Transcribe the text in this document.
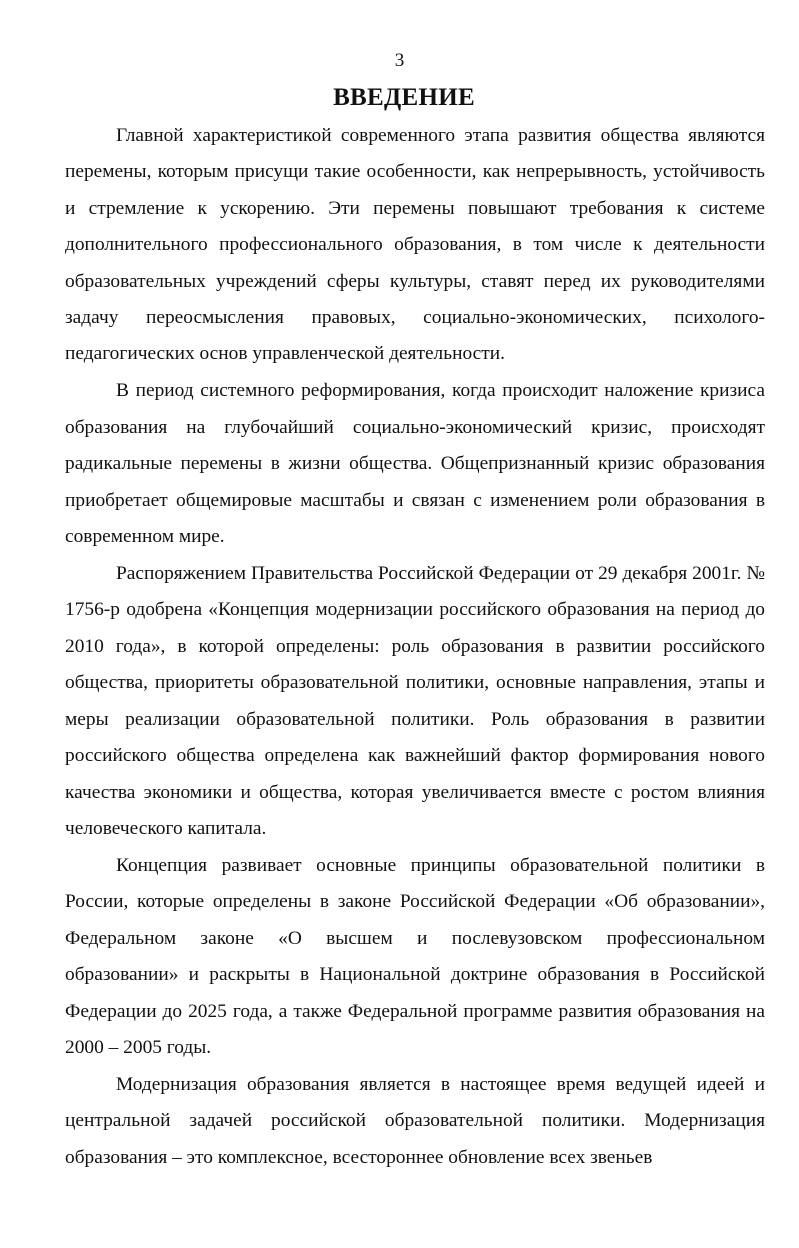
3
ВВЕДЕНИЕ

Главной характеристикой современного этапа развития общества являются перемены, которым присущи такие особенности, как непрерывность, устойчивость и стремление к ускорению. Эти перемены повышают требования к системе дополнительного профессионального образования, в том числе к деятельности образовательных учреждений сферы культуры, ставят перед их руководителями задачу переосмысления правовых, социально-экономических, психолого-педагогических основ управленческой деятельности.

В период системного реформирования, когда происходит наложение кризиса образования на глубочайший социально-экономический кризис, происходят радикальные перемены в жизни общества. Общепризнанный кризис образования приобретает общемировые масштабы и связан с изменением роли образования в современном мире.

Распоряжением Правительства Российской Федерации от 29 декабря 2001г. № 1756-р одобрена «Концепция модернизации российского образования на период до 2010 года», в которой определены: роль образования в развитии российского общества, приоритеты образовательной политики, основные направления, этапы и меры реализации образовательной политики. Роль образования в развитии российского общества определена как важнейший фактор формирования нового качества экономики и общества, которая увеличивается вместе с ростом влияния человеческого капитала.

Концепция развивает основные принципы образовательной политики в России, которые определены в законе Российской Федерации «Об образовании», Федеральном законе «О высшем и послевузовском профессиональном образовании» и раскрыты в Национальной доктрине образования в Российской Федерации до 2025 года, а также Федеральной программе развития образования на 2000 – 2005 годы.

Модернизация образования является в настоящее время ведущей идеей и центральной задачей российской образовательной политики. Модернизация образования – это комплексное, всестороннее обновление всех звеньев
